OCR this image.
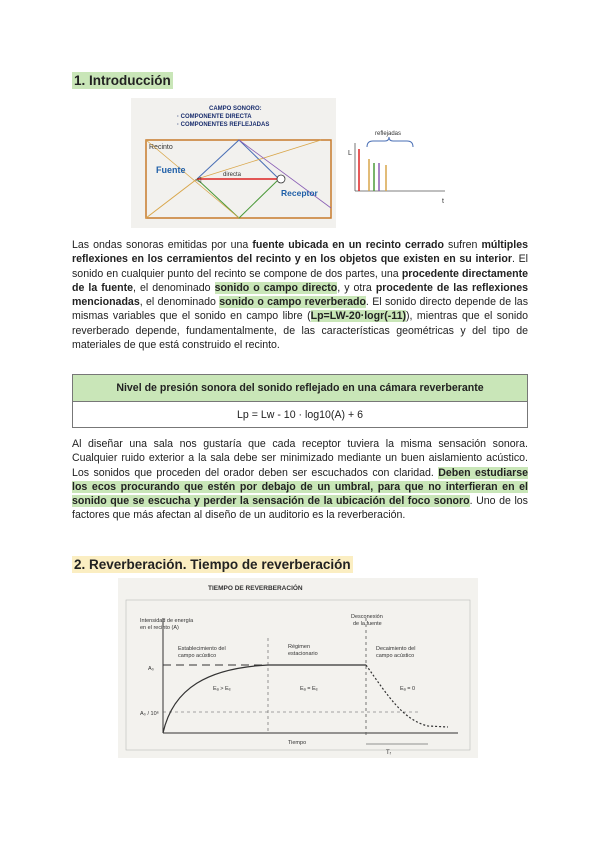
1. Introducción
CAMPO SONORO:
· COMPONENTE DIRECTA
· COMPONENTES REFLEJADAS
Recinto
directa
Fuente
◁
Receptor
reflejadas
L
t
Las ondas sonoras emitidas por una fuente ubicada en un recinto cerrado sufren múltiples reflexiones en los cerramientos del recinto y en los objetos que existen en su interior. El sonido en cualquier punto del recinto se compone de dos partes, una procedente directamente de la fuente, el denominado sonido o campo directo, y otra procedente de las reflexiones mencionadas, el denominado sonido o campo reverberado. El sonido directo depende de las mismas variables que el sonido en campo libre (Lp=LW-20·logr(-11)), mientras que el sonido reverberado depende, fundamentalmente, de las características geométricas y del tipo de materiales de que está construido el recinto.
Nivel de presión sonora del sonido reflejado en una cámara reverberante
Lp = Lw - 10 · log10(A) + 6
Al diseñar una sala nos gustaría que cada receptor tuviera la misma sensación sonora. Cualquier ruido exterior a la sala debe ser minimizado mediante un buen aislamiento acústico. Los sonidos que proceden del orador deben ser escuchados con claridad. Deben estudiarse los ecos procurando que estén por debajo de un umbral, para que no interfieran en el sonido que se escucha y perder la sensación de la ubicación del foco sonoro. Uno de los factores que más afectan al diseño de un auditorio es la reverberación.
2. Reverberación. Tiempo de reverberación
TIEMPO DE REVERBERACIÓN
Intensidad de energía
en el recinto (A)
A₀
A₀ / 10⁶
Establecimiento del
campo acústico
Régimen
estacionario
Desconexión
de la fuente
Decaimiento del
campo acústico
Eₐ > Eₑ	Eₐ = Eₑ	Eₐ = 0
Tᵣ
Tiempo
